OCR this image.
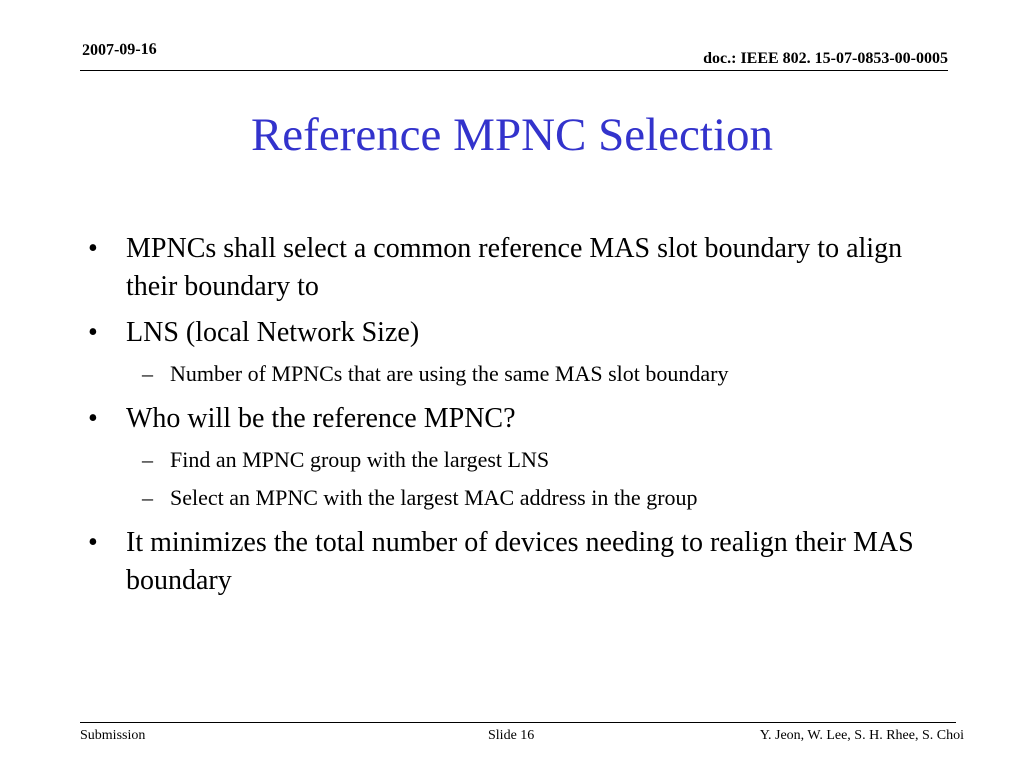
2007-09-16	doc.: IEEE 802. 15-07-0853-00-0005
Reference MPNC Selection
• MPNCs shall select a common reference MAS slot boundary to align their boundary to
• LNS (local Network Size)
– Number of MPNCs that are using the same MAS slot boundary
• Who will be the reference MPNC?
– Find an MPNC group with the largest LNS
– Select an MPNC with the largest MAC address in the group
• It minimizes the total number of devices needing to realign their MAS boundary
Submission	Slide 16	Y. Jeon, W. Lee, S. H. Rhee, S. Choi
